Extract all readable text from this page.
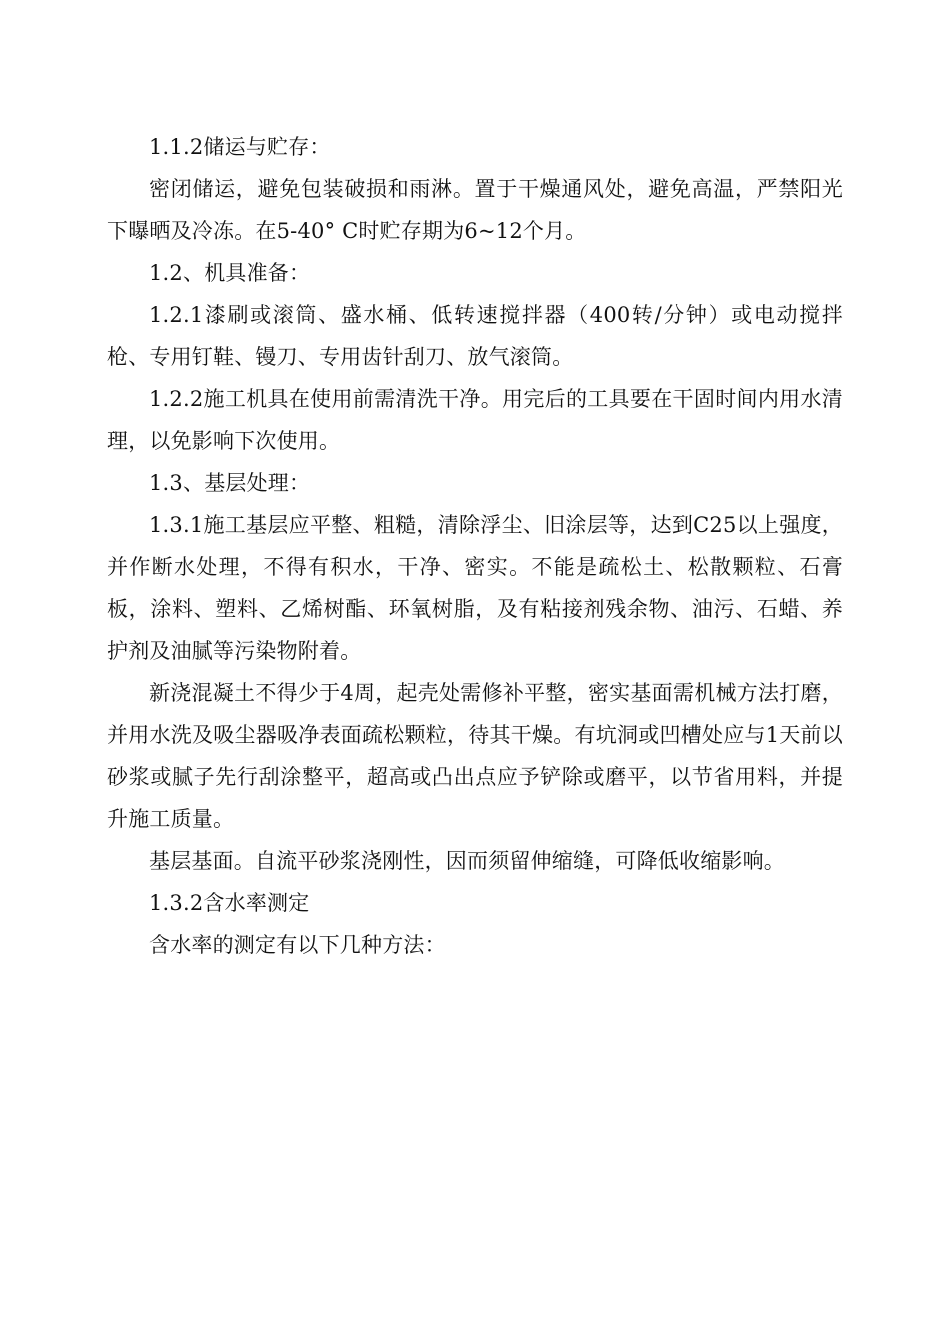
1.1.2储运与贮存：

密闭储运，避免包装破损和雨淋。置于干燥通风处，避免高温，严禁阳光下曝晒及冷冻。在5-40° C时贮存期为6~12个月。

1.2、机具准备：

1.2.1漆刷或滚筒、盛水桶、低转速搅拌器（400转/分钟）或电动搅拌枪、专用钉鞋、镘刀、专用齿针刮刀、放气滚筒。

1.2.2施工机具在使用前需清洗干净。用完后的工具要在干固时间内用水清理，以免影响下次使用。

1.3、基层处理：

1.3.1施工基层应平整、粗糙，清除浮尘、旧涂层等，达到C25以上强度，并作断水处理，不得有积水，干净、密实。不能是疏松土、松散颗粒、石膏板，涂料、塑料、乙烯树酯、环氧树脂，及有粘接剂残余物、油污、石蜡、养护剂及油腻等污染物附着。

新浇混凝土不得少于4周，起壳处需修补平整，密实基面需机械方法打磨，并用水洗及吸尘器吸净表面疏松颗粒，待其干燥。有坑洞或凹槽处应与1天前以砂浆或腻子先行刮涂整平，超高或凸出点应予铲除或磨平，以节省用料，并提升施工质量。

基层基面。自流平砂浆浇刚性，因而须留伸缩缝，可降低收缩影响。

1.3.2含水率测定

含水率的测定有以下几种方法：
